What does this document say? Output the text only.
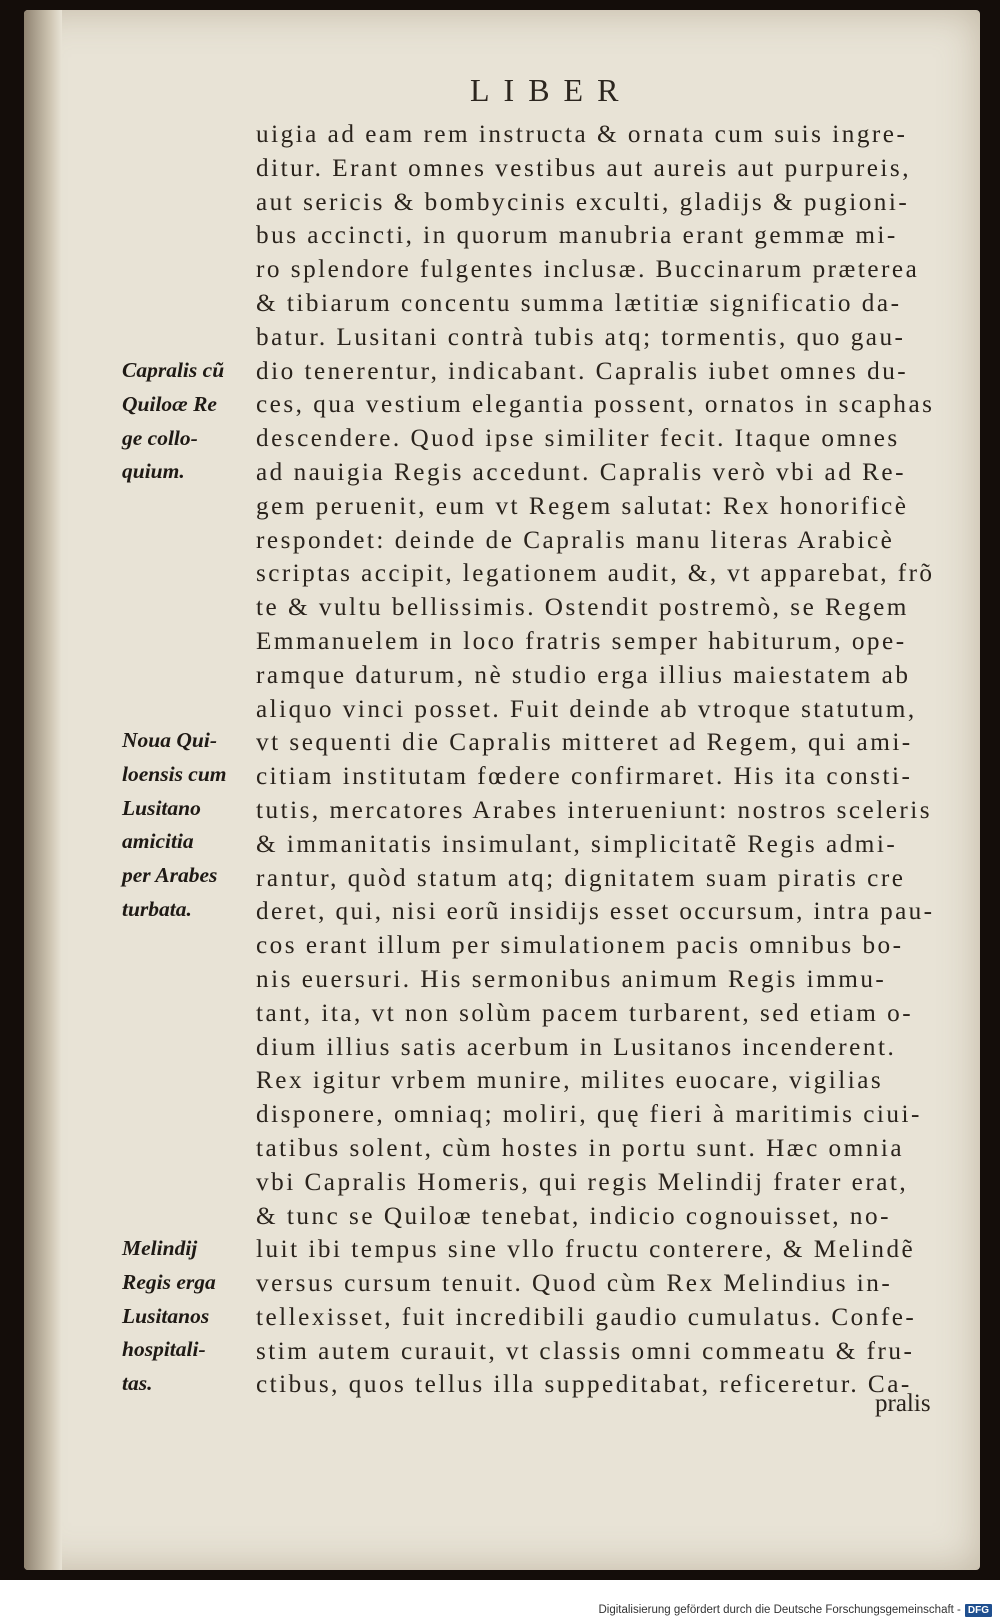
LIBER
uigia ad eam rem instructa & ornata cum suis ingre-
ditur. Erant omnes vestibus aut aureis aut purpureis,
aut sericis & bombycinis exculti, gladijs & pugioni-
bus accincti, in quorum manubria erant gemmæ mi-
ro splendore fulgentes inclusæ. Buccinarum præterea
& tibiarum concentu summa lætitiæ significatio da-
batur. Lusitani contrà tubis atq; tormentis, quo gau-
dio tenerentur, indicabant. Capralis iubet omnes du-
ces, qua vestium elegantia possent, ornatos in scaphas
descendere. Quod ipse similiter fecit. Itaque omnes
ad nauigia Regis accedunt. Capralis verò vbi ad Re-
gem peruenit, eum vt Regem salutat: Rex honorificè
respondet: deinde de Capralis manu literas Arabicè
scriptas accipit, legationem audit, &, vt apparebat, frõ
te & vultu bellissimis. Ostendit postremò, se Regem
Emmanuelem in loco fratris semper habiturum, ope-
ramque daturum, nè studio erga illius maiestatem ab
aliquo vinci posset. Fuit deinde ab vtroque statutum,
vt sequenti die Capralis mitteret ad Regem, qui ami-
citiam institutam fœdere confirmaret. His ita consti-
tutis, mercatores Arabes interueniunt: nostros sceleris
& immanitatis insimulant, simplicitatẽ Regis admi-
rantur, quòd statum atq; dignitatem suam piratis cre
deret, qui, nisi eorũ insidijs esset occursum, intra pau-
cos erant illum per simulationem pacis omnibus bo-
nis euersuri. His sermonibus animum Regis immu-
tant, ita, vt non solùm pacem turbarent, sed etiam o-
dium illius satis acerbum in Lusitanos incenderent.
Rex igitur vrbem munire, milites euocare, vigilias
disponere, omniaq; moliri, quę fieri à maritimis ciui-
tatibus solent, cùm hostes in portu sunt. Hæc omnia
vbi Capralis Homeris, qui regis Melindij frater erat,
& tunc se Quiloæ tenebat, indicio cognouisset, no-
luit ibi tempus sine vllo fructu conterere, & Melindẽ
versus cursum tenuit. Quod cùm Rex Melindius in-
tellexisset, fuit incredibili gaudio cumulatus. Confe-
stim autem curauit, vt classis omni commeatu & fru-
ctibus, quos tellus illa suppeditabat, reficeretur. Ca-
Capralis cũ
Quiloæ Re
ge collo-
quium.
Noua Qui-
loensis cum
Lusitano
amicitia
per Arabes
turbata.
Melindij
Regis erga
Lusitanos
hospitali-
tas.
pralis
Digitalisierung gefördert durch die Deutsche Forschungsgemeinschaft - DFG
